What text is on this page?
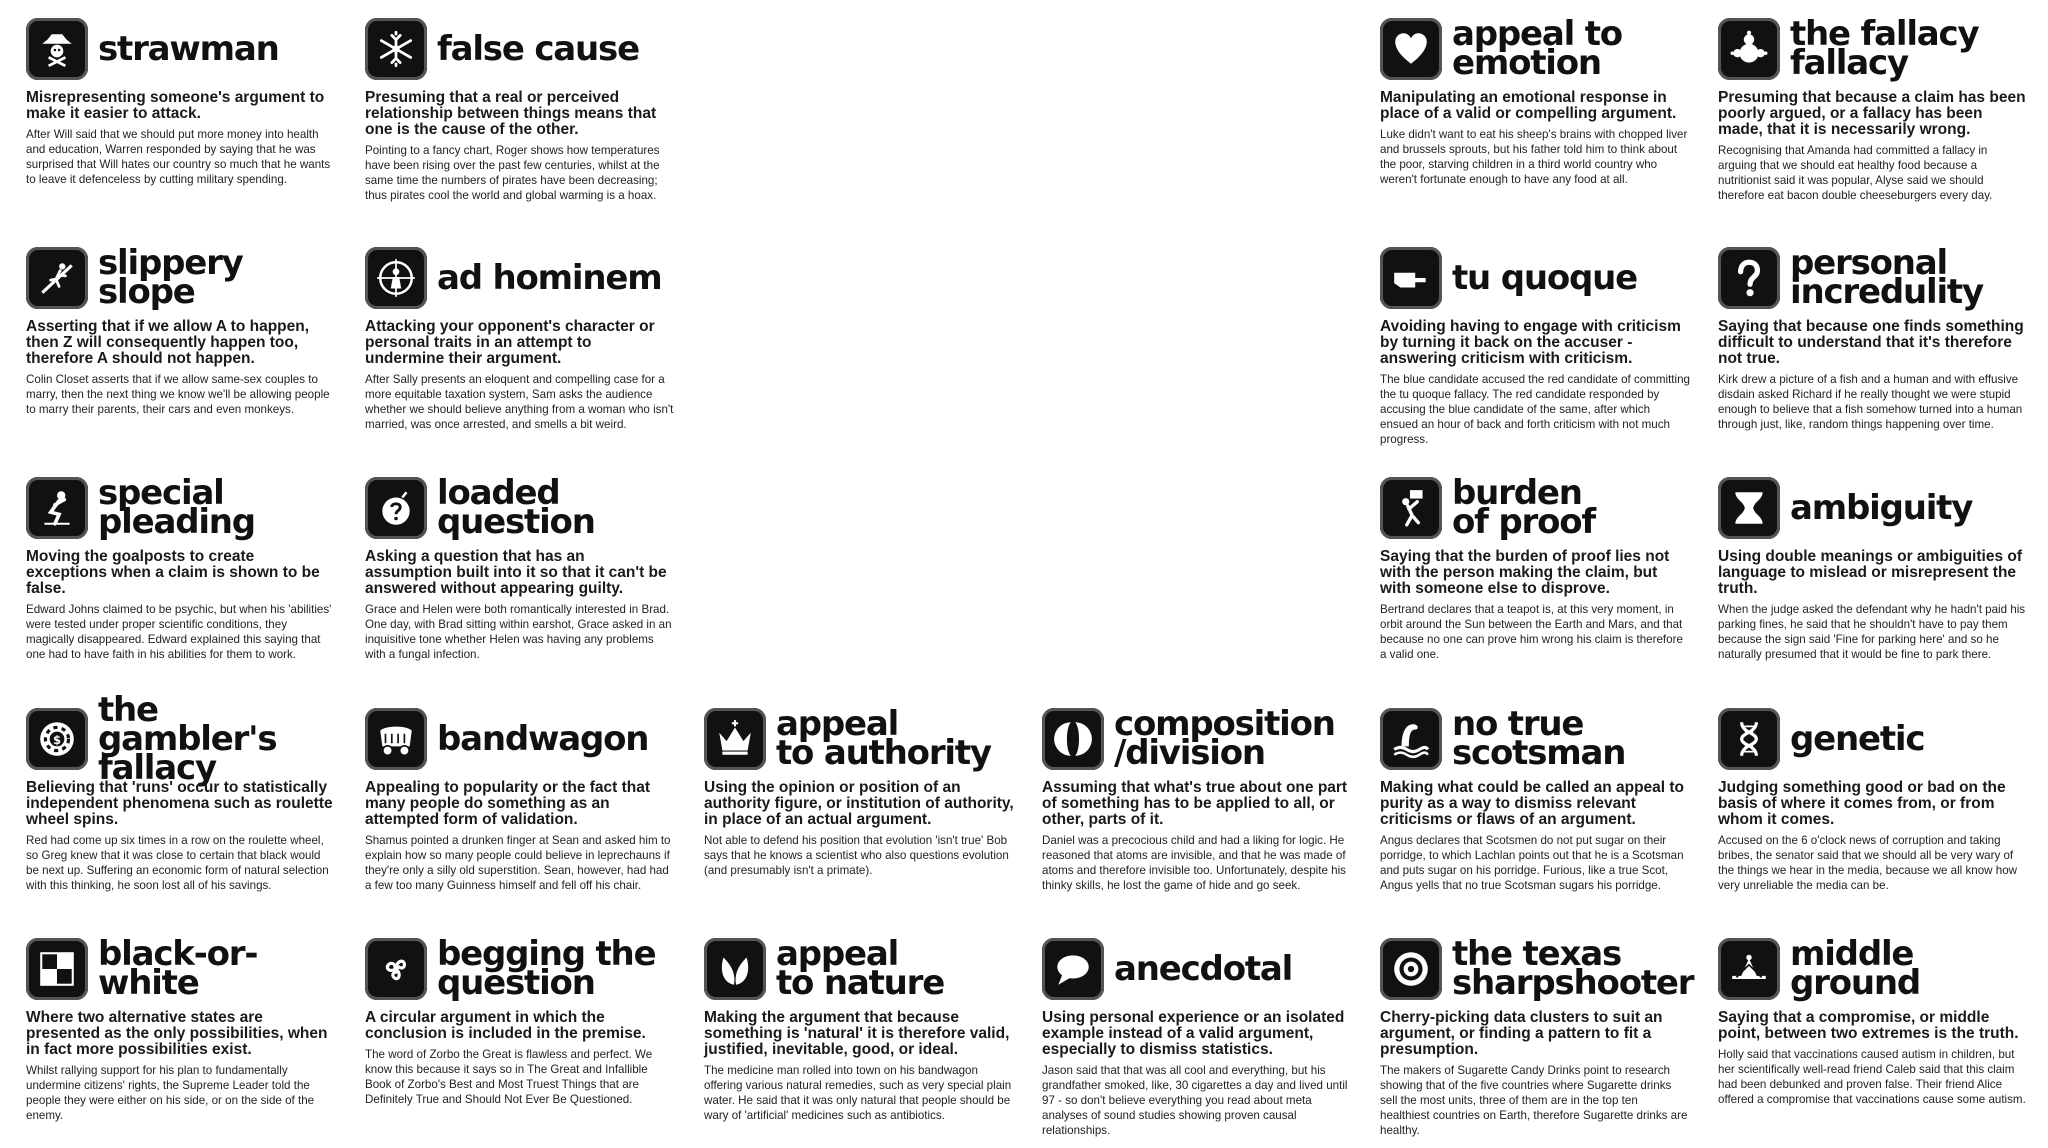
strawman
Misrepresenting someone's argument to make it easier to attack.
After Will said that we should put more money into health and education, Warren responded by saying that he was surprised that Will hates our country so much that he wants to leave it defenceless by cutting military spending.
false cause
Presuming that a real or perceived relationship between things means that one is the cause of the other.
Pointing to a fancy chart, Roger shows how temperatures have been rising over the past few centuries, whilst at the same time the numbers of pirates have been decreasing; thus pirates cool the world and global warming is a hoax.
appeal to
emotion
Manipulating an emotional response in place of a valid or compelling argument.
Luke didn't want to eat his sheep's brains with chopped liver and brussels sprouts, but his father told him to think about the poor, starving children in a third world country who weren't fortunate enough to have any food at all.
the fallacy
fallacy
Presuming that because a claim has been poorly argued, or a fallacy has been made, that it is necessarily wrong.
Recognising that Amanda had committed a fallacy in arguing that we should eat healthy food because a nutritionist said it was popular, Alyse said we should therefore eat bacon double cheeseburgers every day.
slippery slope
Asserting that if we allow A to happen, then Z will consequently happen too, therefore A should not happen.
Colin Closet asserts that if we allow same-sex couples to marry, then the next thing we know we'll be allowing people to marry their parents, their cars and even monkeys.
ad hominem
Attacking your opponent's character or personal traits in an attempt to undermine their argument.
After Sally presents an eloquent and compelling case for a more equitable taxation system, Sam asks the audience whether we should believe anything from a woman who isn't married, was once arrested, and smells a bit weird.
tu quoque
Avoiding having to engage with criticism by turning it back on the accuser - answering criticism with criticism.
The blue candidate accused the red candidate of committing the tu quoque fallacy. The red candidate responded by accusing the blue candidate of the same, after which ensued an hour of back and forth criticism with not much progress.
personal
incredulity
Saying that because one finds something difficult to understand that it's therefore not true.
Kirk drew a picture of a fish and a human and with effusive disdain asked Richard if he really thought we were stupid enough to believe that a fish somehow turned into a human through just, like, random things happening over time.
special
pleading
Moving the goalposts to create exceptions when a claim is shown to be false.
Edward Johns claimed to be psychic, but when his 'abilities' were tested under proper scientific conditions, they magically disappeared. Edward explained this saying that one had to have faith in his abilities for them to work.
loaded
question
Asking a question that has an assumption built into it so that it can't be answered without appearing guilty.
Grace and Helen were both romantically interested in Brad. One day, with Brad sitting within earshot, Grace asked in an inquisitive tone whether Helen was having any problems with a fungal infection.
burden
of proof
Saying that the burden of proof lies not with the person making the claim, but with someone else to disprove.
Bertrand declares that a teapot is, at this very moment, in orbit around the Sun between the Earth and Mars, and that because no one can prove him wrong his claim is therefore a valid one.
ambiguity
Using double meanings or ambiguities of language to mislead or misrepresent the truth.
When the judge asked the defendant why he hadn't paid his parking fines, he said that he shouldn't have to pay them because the sign said 'Fine for parking here' and so he naturally presumed that it would be fine to park there.
$
the gambler's
fallacy
Believing that 'runs' occur to statistically independent phenomena such as roulette wheel spins.
Red had come up six times in a row on the roulette wheel, so Greg knew that it was close to certain that black would be next up. Suffering an economic form of natural selection with this thinking, he soon lost all of his savings.
bandwagon
Appealing to popularity or the fact that many people do something as an attempted form of validation.
Shamus pointed a drunken finger at Sean and asked him to explain how so many people could believe in leprechauns if they're only a silly old superstition. Sean, however, had had a few too many Guinness himself and fell off his chair.
appeal
to authority
Using the opinion or position of an authority figure, or institution of authority, in place of an actual argument.
Not able to defend his position that evolution 'isn't true' Bob says that he knows a scientist who also questions evolution (and presumably isn't a primate).
composition
/division
Assuming that what's true about one part of something has to be applied to all, or other, parts of it.
Daniel was a precocious child and had a liking for logic. He reasoned that atoms are invisible, and that he was made of atoms and therefore invisible too. Unfortunately, despite his thinky skills, he lost the game of hide and go seek.
no true
scotsman
Making what could be called an appeal to purity as a way to dismiss relevant criticisms or flaws of an argument.
Angus declares that Scotsmen do not put sugar on their porridge, to which Lachlan points out that he is a Scotsman and puts sugar on his porridge. Furious, like a true Scot, Angus yells that no true Scotsman sugars his porridge.
genetic
Judging something good or bad on the basis of where it comes from, or from whom it comes.
Accused on the 6 o'clock news of corruption and taking bribes, the senator said that we should all be very wary of the things we hear in the media, because we all know how very unreliable the media can be.
black-or-white
Where two alternative states are presented as the only possibilities, when in fact more possibilities exist.
Whilst rallying support for his plan to fundamentally undermine citizens' rights, the Supreme Leader told the people they were either on his side, or on the side of the enemy.
begging the
question
A circular argument in which the conclusion is included in the premise.
The word of Zorbo the Great is flawless and perfect. We know this because it says so in The Great and Infallible Book of Zorbo's Best and Most Truest Things that are Definitely True and Should Not Ever Be Questioned.
appeal
to nature
Making the argument that because something is 'natural' it is therefore valid, justified, inevitable, good, or ideal.
The medicine man rolled into town on his bandwagon offering various natural remedies, such as very special plain water. He said that it was only natural that people should be wary of 'artificial' medicines such as antibiotics.
anecdotal
Using personal experience or an isolated example instead of a valid argument, especially to dismiss statistics.
Jason said that that was all cool and everything, but his grandfather smoked, like, 30 cigarettes a day and lived until 97 - so don't believe everything you read about meta analyses of sound studies showing proven causal relationships.
the texas
sharpshooter
Cherry-picking data clusters to suit an argument, or finding a pattern to fit a presumption.
The makers of Sugarette Candy Drinks point to research showing that of the five countries where Sugarette drinks sell the most units, three of them are in the top ten healthiest countries on Earth, therefore Sugarette drinks are healthy.
middle
ground
Saying that a compromise, or middle point, between two extremes is the truth.
Holly said that vaccinations caused autism in children, but her scientifically well-read friend Caleb said that this claim had been debunked and proven false. Their friend Alice offered a compromise that vaccinations cause some autism.
